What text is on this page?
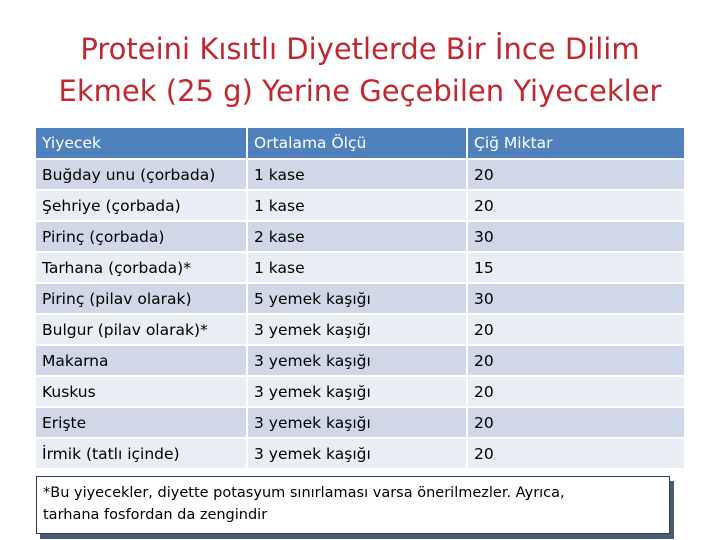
Proteini Kısıtlı Diyetlerde Bir İnce Dilim
Ekmek (25 g) Yerine Geçebilen Yiyecekler
Yiyecek	Ortalama Ölçü	Çiğ Miktar
Buğday unu (çorbada)	1 kase	20
Şehriye (çorbada)	1 kase	20
Pirinç (çorbada)	2 kase	30
Tarhana (çorbada)*	1 kase	15
Pirinç (pilav olarak)	5 yemek kaşığı	30
Bulgur (pilav olarak)*	3 yemek kaşığı	20
Makarna	3 yemek kaşığı	20
Kuskus	3 yemek kaşığı	20
Erişte	3 yemek kaşığı	20
İrmik (tatlı içinde)	3 yemek kaşığı	20
*Bu yiyecekler, diyette potasyum sınırlaması varsa önerilmezler. Ayrıca,
tarhana fosfordan da zengindir
